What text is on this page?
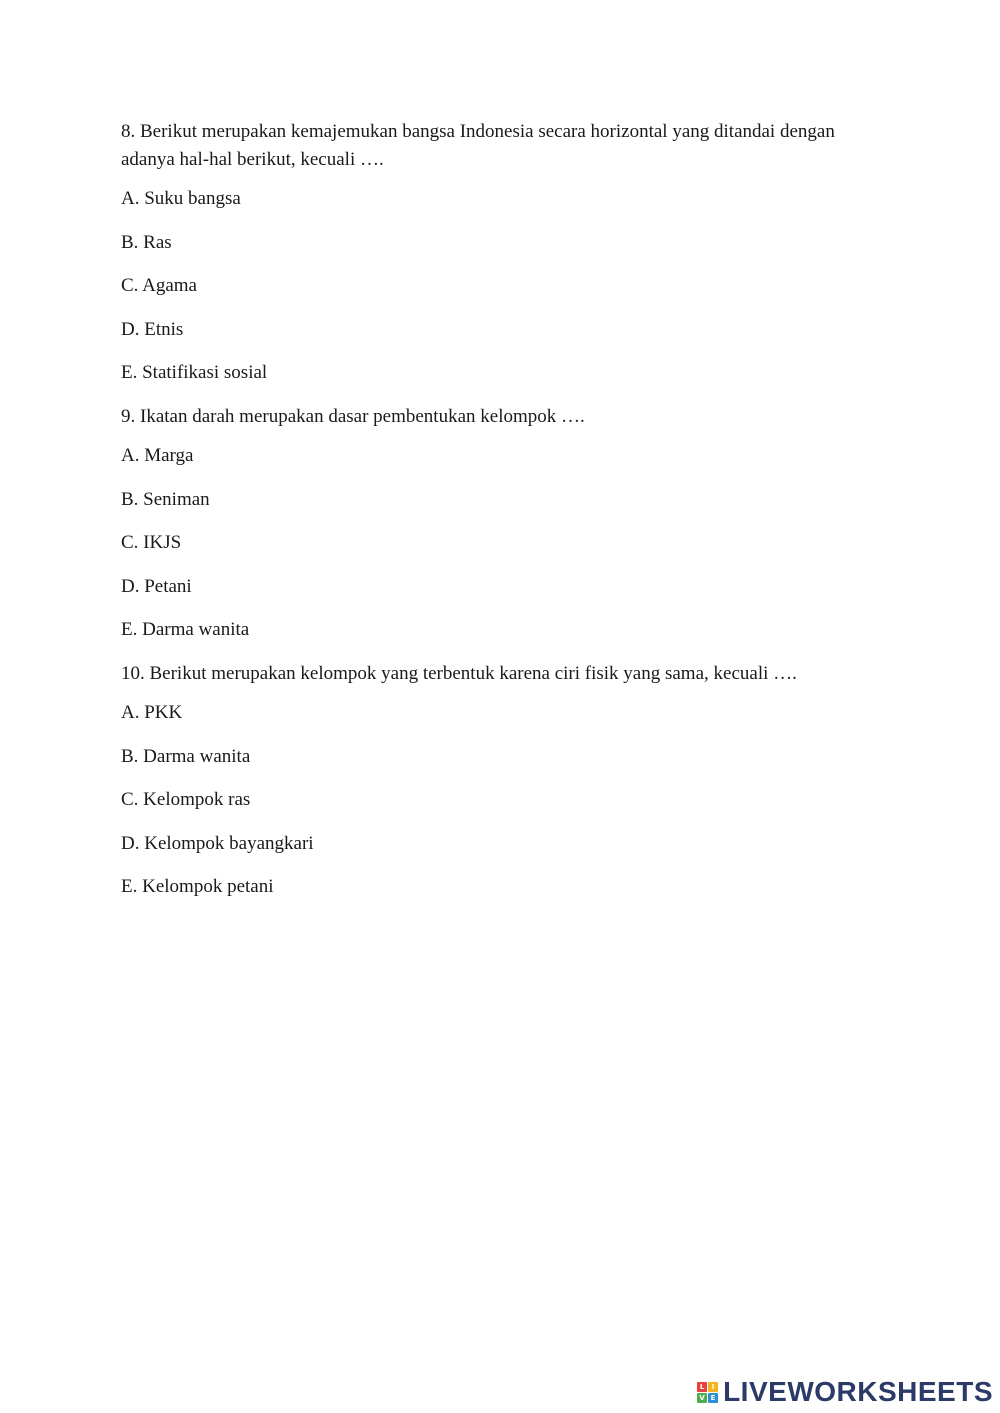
8. Berikut merupakan kemajemukan bangsa Indonesia secara horizontal yang ditandai dengan adanya hal-hal berikut, kecuali ….

A. Suku bangsa
B. Ras
C. Agama
D. Etnis
E. Statifikasi sosial

9. Ikatan darah merupakan dasar pembentukan kelompok ….

A. Marga
B. Seniman
C. IKJS
D. Petani
E. Darma wanita

10. Berikut merupakan kelompok yang terbentuk karena ciri fisik yang sama, kecuali ….

A. PKK
B. Darma wanita
C. Kelompok ras
D. Kelompok bayangkari
E. Kelompok petani
L	I
V E LIVEWORKSHEETS
